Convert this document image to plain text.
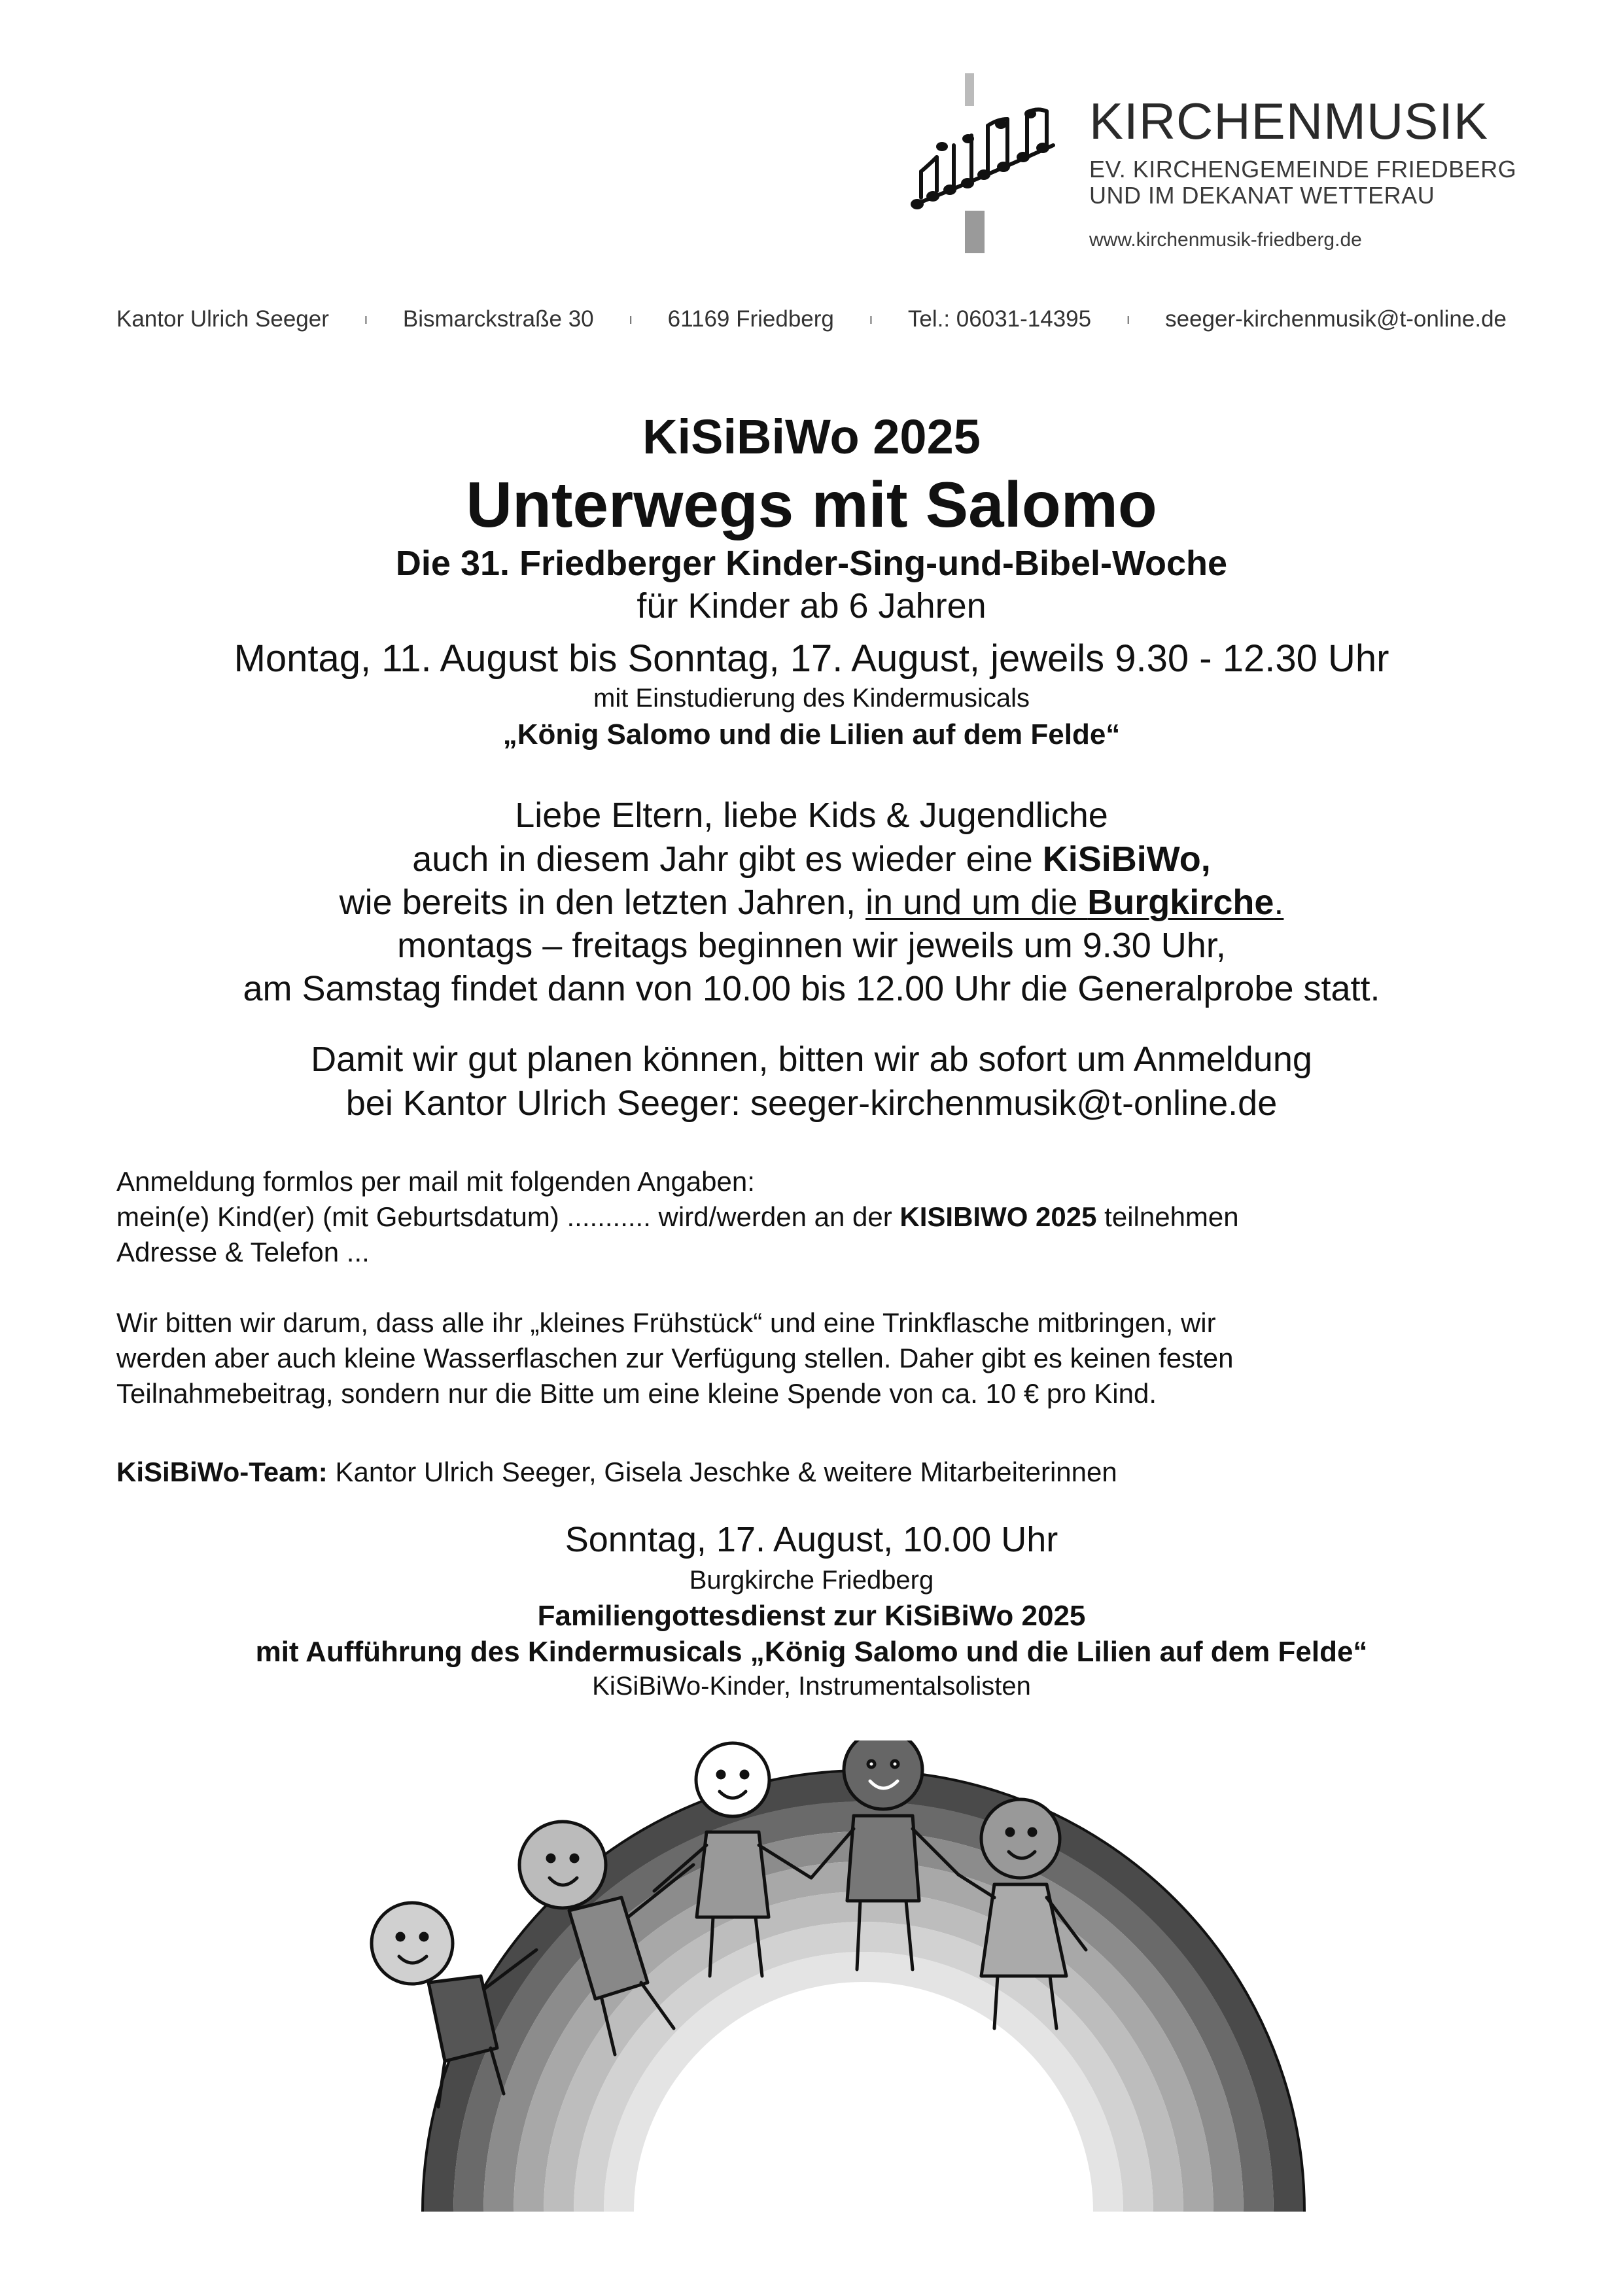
KIRCHENMUSIK
EV. KIRCHENGEMEINDE FRIEDBERG
UND IM DEKANAT WETTERAU
www.kirchenmusik-friedberg.de
Kantor Ulrich Seeger ı Bismarckstraße 30 ı 61169 Friedberg ı Tel.: 06031-14395 ı seeger-kirchenmusik@t-online.de
KiSiBiWo 2025
Unterwegs mit Salomo
Die 31. Friedberger Kinder-Sing-und-Bibel-Woche
für Kinder ab 6 Jahren
Montag, 11. August bis Sonntag, 17. August, jeweils 9.30 - 12.30 Uhr
mit Einstudierung des Kindermusicals
„König Salomo und die Lilien auf dem Felde“
Liebe Eltern, liebe Kids & Jugendliche
auch in diesem Jahr gibt es wieder eine KiSiBiWo,
wie bereits in den letzten Jahren, in und um die Burgkirche.
montags – freitags beginnen wir jeweils um 9.30 Uhr,
am Samstag findet dann von 10.00 bis 12.00 Uhr die Generalprobe statt.
Damit wir gut planen können, bitten wir ab sofort um Anmeldung
bei Kantor Ulrich Seeger: seeger-kirchenmusik@t-online.de
Anmeldung formlos per mail mit folgenden Angaben:
mein(e) Kind(er) (mit Geburtsdatum) ........... wird/werden an der KISIBIWO 2025 teilnehmen
Adresse & Telefon ...
Wir bitten wir darum, dass alle ihr „kleines Frühstück“ und eine Trinkflasche mitbringen, wir
werden aber auch kleine Wasserflaschen zur Verfügung stellen. Daher gibt es keinen festen
Teilnahmebeitrag, sondern nur die Bitte um eine kleine Spende von ca. 10 € pro Kind.
KiSiBiWo-Team: Kantor Ulrich Seeger, Gisela Jeschke & weitere Mitarbeiterinnen
Sonntag, 17. August, 10.00 Uhr
Burgkirche Friedberg
Familiengottesdienst zur KiSiBiWo 2025
mit Aufführung des Kindermusicals „König Salomo und die Lilien auf dem Felde“
KiSiBiWo-Kinder, Instrumentalsolisten
